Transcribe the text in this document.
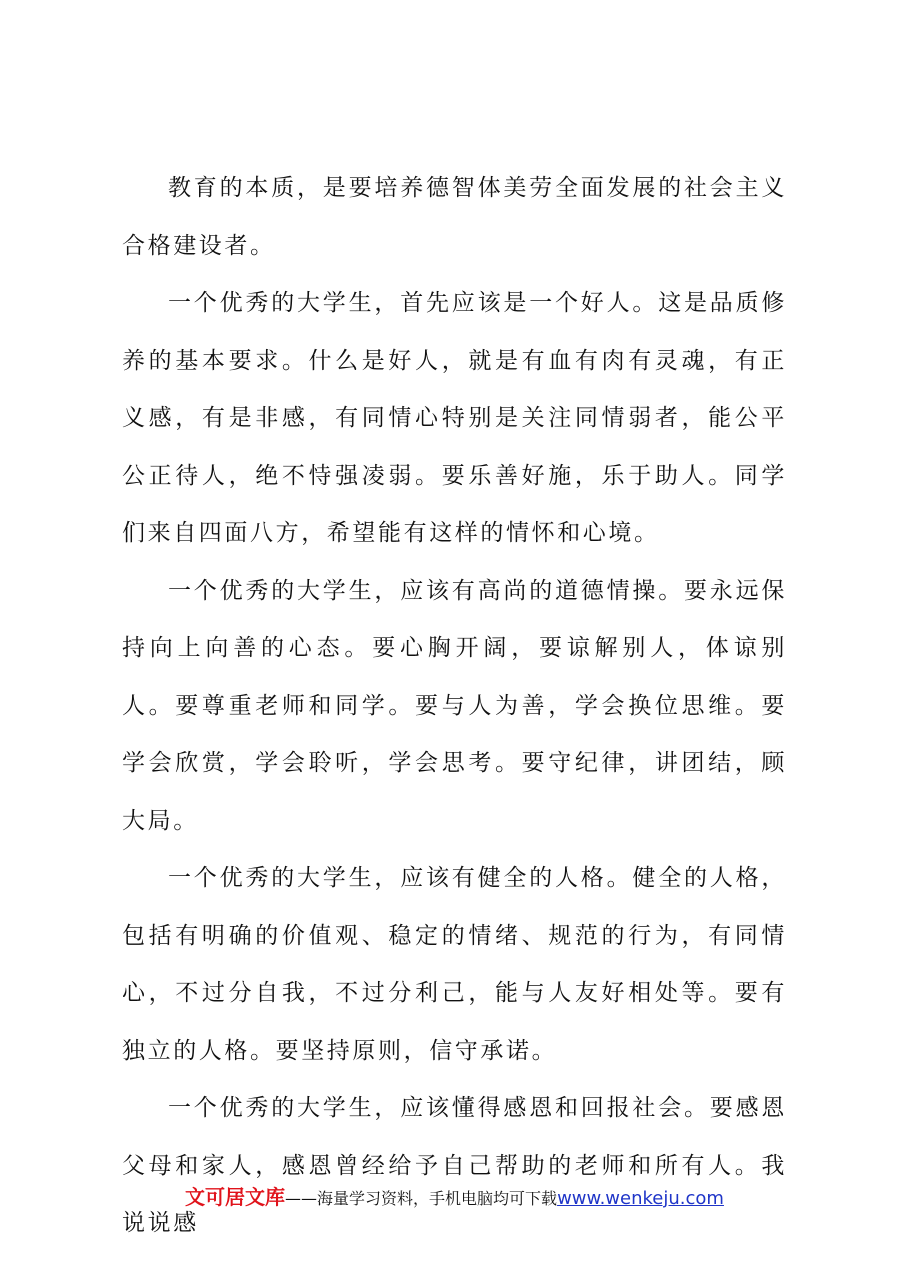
教育的本质，是要培养德智体美劳全面发展的社会主义合格建设者。

一个优秀的大学生，首先应该是一个好人。这是品质修养的基本要求。什么是好人，就是有血有肉有灵魂，有正义感，有是非感，有同情心特别是关注同情弱者，能公平公正待人，绝不恃强凌弱。要乐善好施，乐于助人。同学们来自四面八方，希望能有这样的情怀和心境。

一个优秀的大学生，应该有高尚的道德情操。要永远保持向上向善的心态。要心胸开阔，要谅解别人，体谅别人。要尊重老师和同学。要与人为善，学会换位思维。要学会欣赏，学会聆听，学会思考。要守纪律，讲团结，顾大局。

一个优秀的大学生，应该有健全的人格。健全的人格，包括有明确的价值观、稳定的情绪、规范的行为，有同情心，不过分自我，不过分利己，能与人友好相处等。要有独立的人格。要坚持原则，信守承诺。

一个优秀的大学生，应该懂得感恩和回报社会。要感恩父母和家人，感恩曾经给予自己帮助的老师和所有人。我说说感

文可居文库——海量学习资料，手机电脑均可下载www.wenkeju.com
